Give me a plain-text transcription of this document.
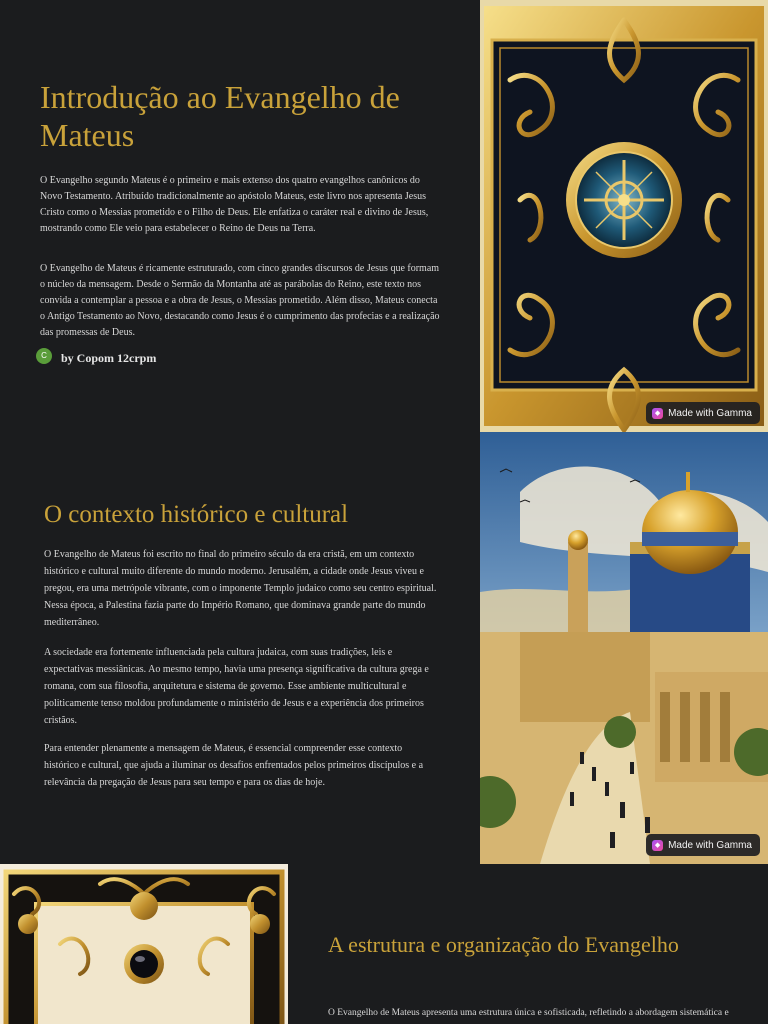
Introdução ao Evangelho de Mateus

O Evangelho segundo Mateus é o primeiro e mais extenso dos quatro evangelhos canônicos do Novo Testamento. Atribuído tradicionalmente ao apóstolo Mateus, este livro nos apresenta Jesus Cristo como o Messias prometido e o Filho de Deus. Ele enfatiza o caráter real e divino de Jesus, mostrando como Ele veio para estabelecer o Reino de Deus na Terra.

O Evangelho de Mateus é ricamente estruturado, com cinco grandes discursos de Jesus que formam o núcleo da mensagem. Desde o Sermão da Montanha até as parábolas do Reino, este texto nos convida a contemplar a pessoa e a obra de Jesus, o Messias prometido. Além disso, Mateus conecta o Antigo Testamento ao Novo, destacando como Jesus é o cumprimento das profecias e a realização das promessas de Deus.

C	by Copom 12crpm
◆ Made with Gamma
O contexto histórico e cultural

O Evangelho de Mateus foi escrito no final do primeiro século da era cristã, em um contexto histórico e cultural muito diferente do mundo moderno. Jerusalém, a cidade onde Jesus viveu e pregou, era uma metrópole vibrante, com o imponente Templo judaico como seu centro espiritual. Nessa época, a Palestina fazia parte do Império Romano, que dominava grande parte do mundo mediterrâneo.

A sociedade era fortemente influenciada pela cultura judaica, com suas tradições, leis e expectativas messiânicas. Ao mesmo tempo, havia uma presença significativa da cultura grega e romana, com sua filosofia, arquitetura e sistema de governo. Esse ambiente multicultural e politicamente tenso moldou profundamente o ministério de Jesus e a experiência dos primeiros cristãos.

Para entender plenamente a mensagem de Mateus, é essencial compreender esse contexto histórico e cultural, que ajuda a iluminar os desafios enfrentados pelos primeiros discípulos e a relevância da pregação de Jesus para seu tempo e para os dias de hoje.

◆ Made with Gamma
A estrutura e organização do Evangelho

O Evangelho de Mateus apresenta uma estrutura única e sofisticada, refletindo a abordagem sistemática e
